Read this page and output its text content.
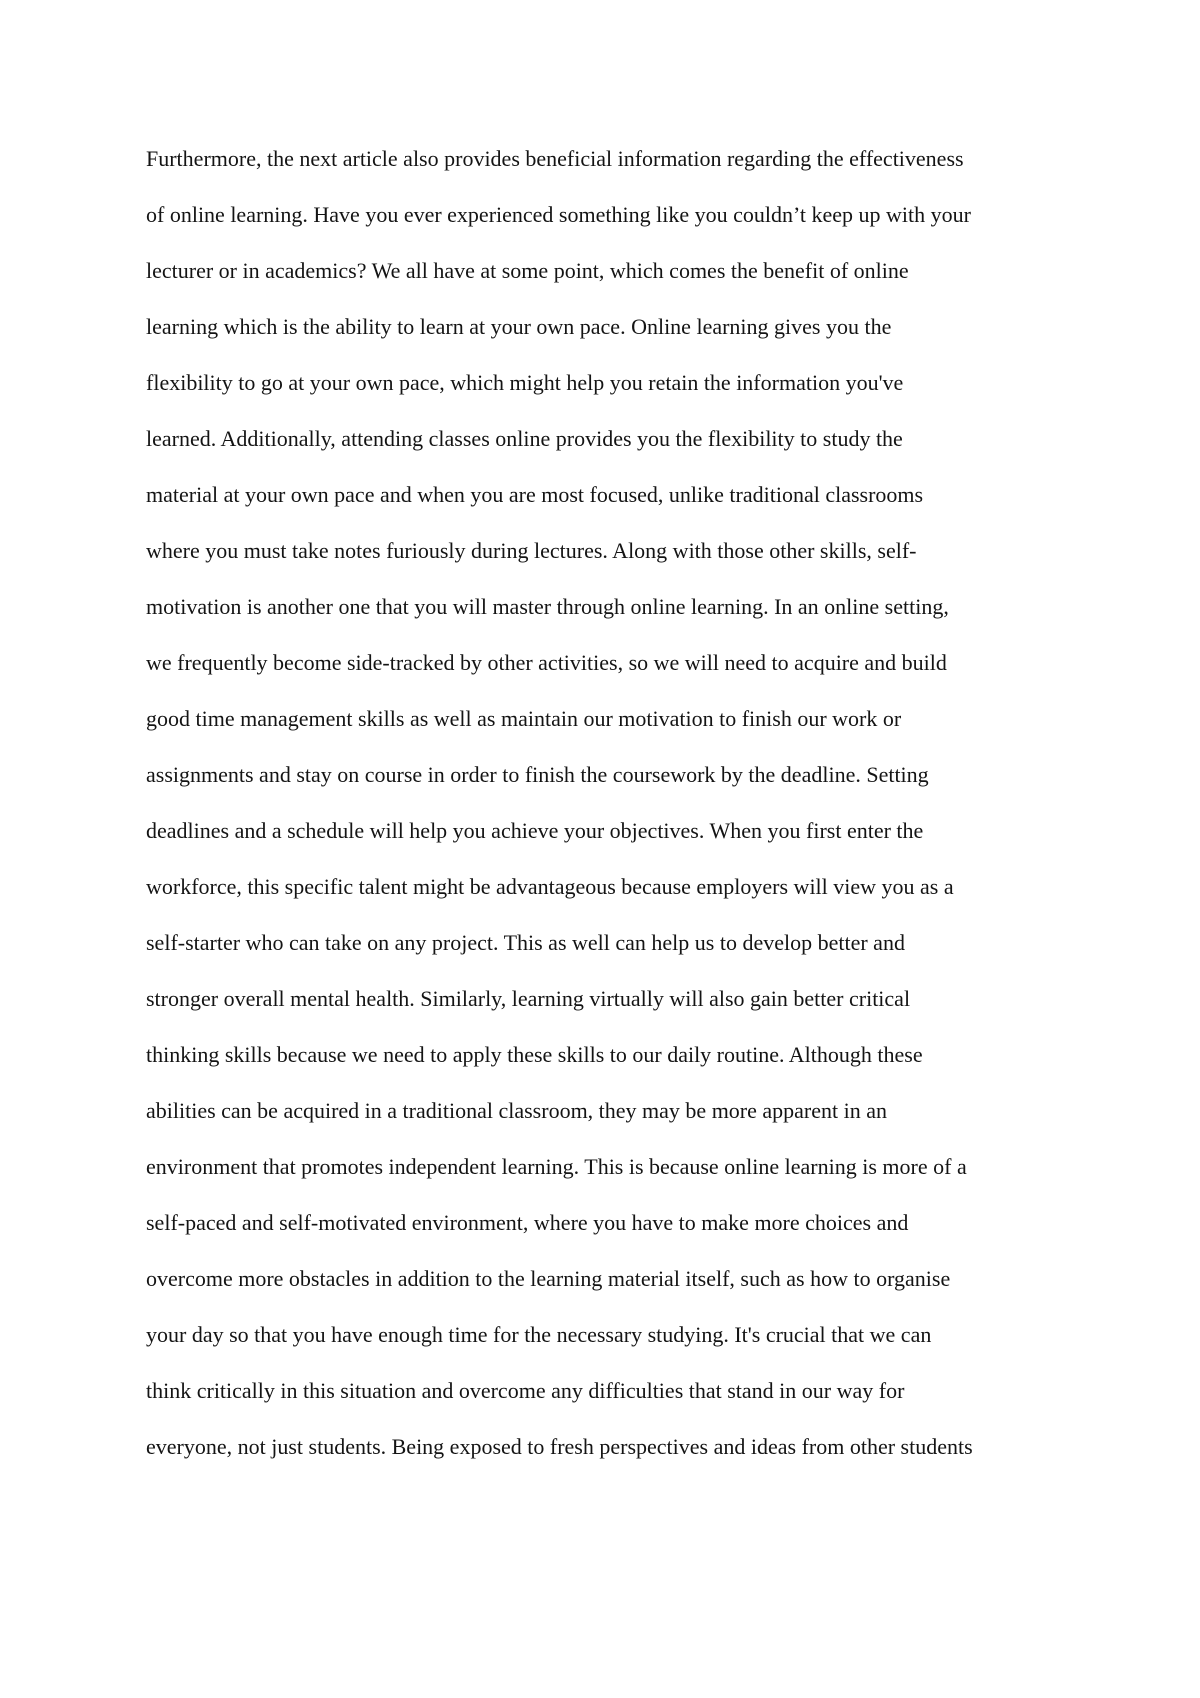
Furthermore, the next article also provides beneficial information regarding the effectiveness
of online learning. Have you ever experienced something like you couldn’t keep up with your
lecturer or in academics? We all have at some point, which comes the benefit of online
learning which is the ability to learn at your own pace. Online learning gives you the
flexibility to go at your own pace, which might help you retain the information you've
learned. Additionally, attending classes online provides you the flexibility to study the
material at your own pace and when you are most focused, unlike traditional classrooms
where you must take notes furiously during lectures. Along with those other skills, self-
motivation is another one that you will master through online learning. In an online setting,
we frequently become side-tracked by other activities, so we will need to acquire and build
good time management skills as well as maintain our motivation to finish our work or
assignments and stay on course in order to finish the coursework by the deadline. Setting
deadlines and a schedule will help you achieve your objectives. When you first enter the
workforce, this specific talent might be advantageous because employers will view you as a
self-starter who can take on any project. This as well can help us to develop better and
stronger overall mental health. Similarly, learning virtually will also gain better critical
thinking skills because we need to apply these skills to our daily routine. Although these
abilities can be acquired in a traditional classroom, they may be more apparent in an
environment that promotes independent learning. This is because online learning is more of a
self-paced and self-motivated environment, where you have to make more choices and
overcome more obstacles in addition to the learning material itself, such as how to organise
your day so that you have enough time for the necessary studying. It's crucial that we can
think critically in this situation and overcome any difficulties that stand in our way for
everyone, not just students. Being exposed to fresh perspectives and ideas from other students
